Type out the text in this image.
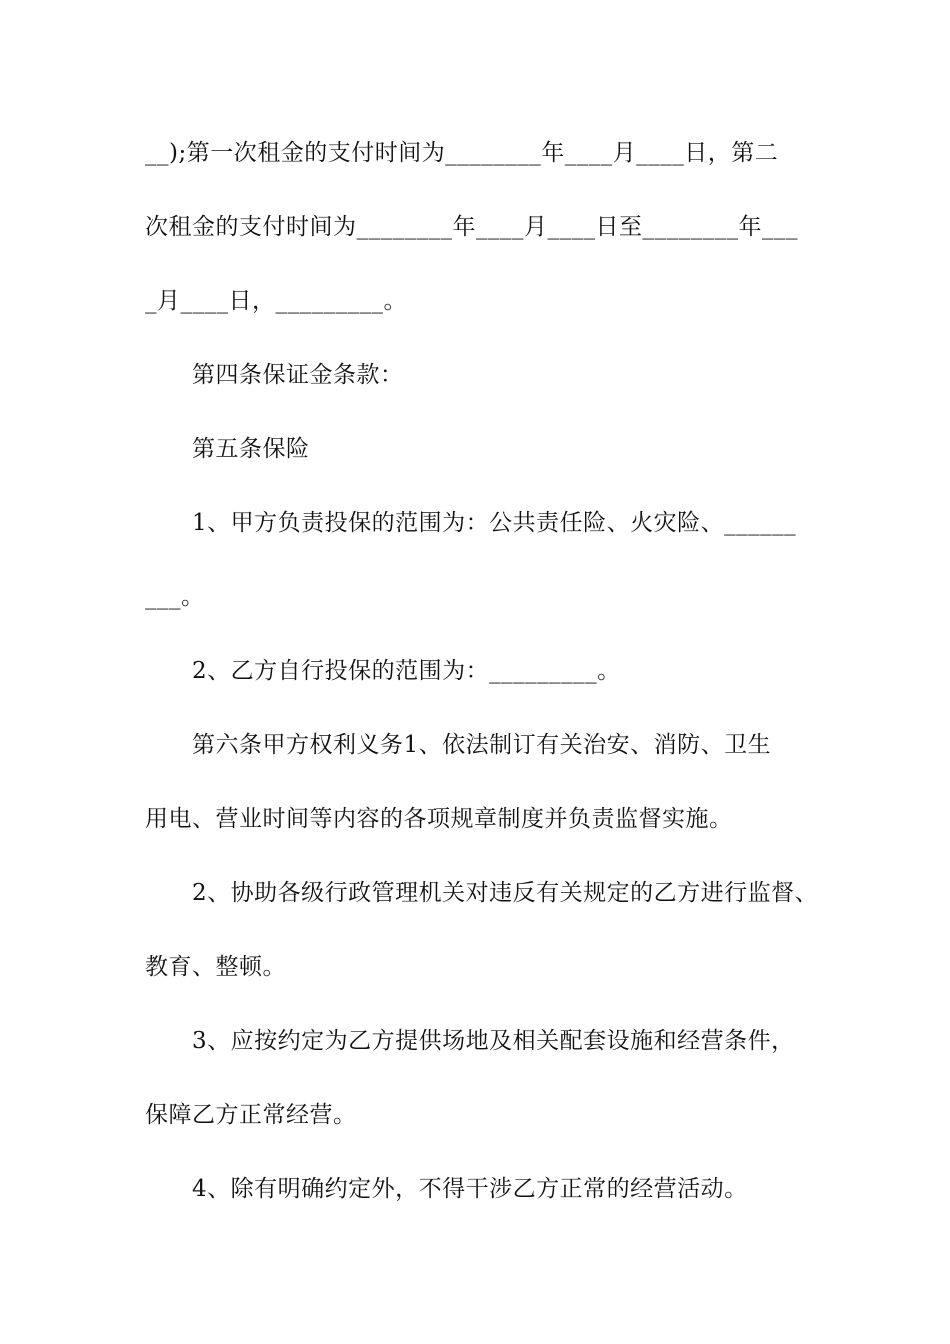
__);第一次租金的支付时间为________年____月____日，第二
次租金的支付时间为________年____月____日至________年___
_月____日，_________。
第四条保证金条款：
第五条保险
1、甲方负责投保的范围为：公共责任险、火灾险、______
___。
2、乙方自行投保的范围为：_________。
第六条甲方权利义务1、依法制订有关治安、消防、卫生
用电、营业时间等内容的各项规章制度并负责监督实施。
2、协助各级行政管理机关对违反有关规定的乙方进行监督、
教育、整顿。
3、应按约定为乙方提供场地及相关配套设施和经营条件，
保障乙方正常经营。
4、除有明确约定外，不得干涉乙方正常的经营活动。
